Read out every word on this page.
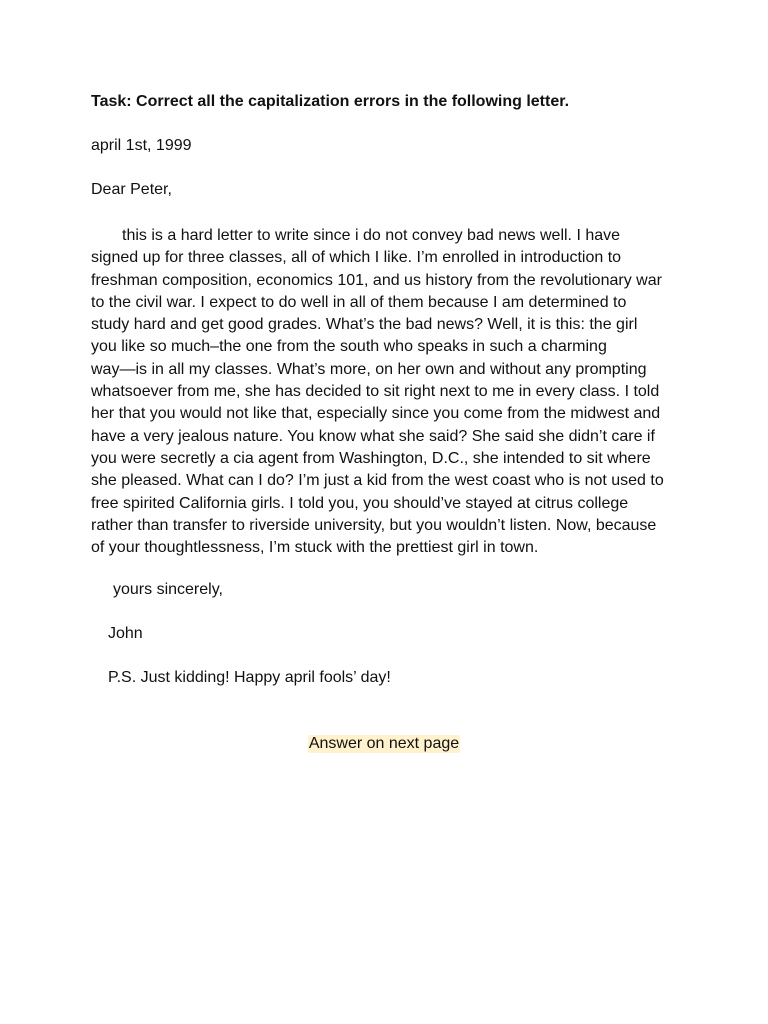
Task: Correct all the capitalization errors in the following letter.
april 1st, 1999
Dear Peter,
this is a hard letter to write since i do not convey bad news well. I have
signed up for three classes, all of which I like. I’m enrolled in introduction to
freshman composition, economics 101, and us history from the revolutionary war
to the civil war. I expect to do well in all of them because I am determined to
study hard and get good grades. What’s the bad news? Well, it is this: the girl
you like so much–the one from the south who speaks in such a charming
way—is in all my classes. What’s more, on her own and without any prompting
whatsoever from me, she has decided to sit right next to me in every class. I told
her that you would not like that, especially since you come from the midwest and
have a very jealous nature. You know what she said? She said she didn’t care if
you were secretly a cia agent from Washington, D.C., she intended to sit where
she pleased. What can I do? I’m just a kid from the west coast who is not used to
free spirited California girls. I told you, you should’ve stayed at citrus college
rather than transfer to riverside university, but you wouldn’t listen. Now, because
of your thoughtlessness, I’m stuck with the prettiest girl in town.
yours sincerely,
John
P.S. Just kidding! Happy april fools’ day!
Answer on next page
